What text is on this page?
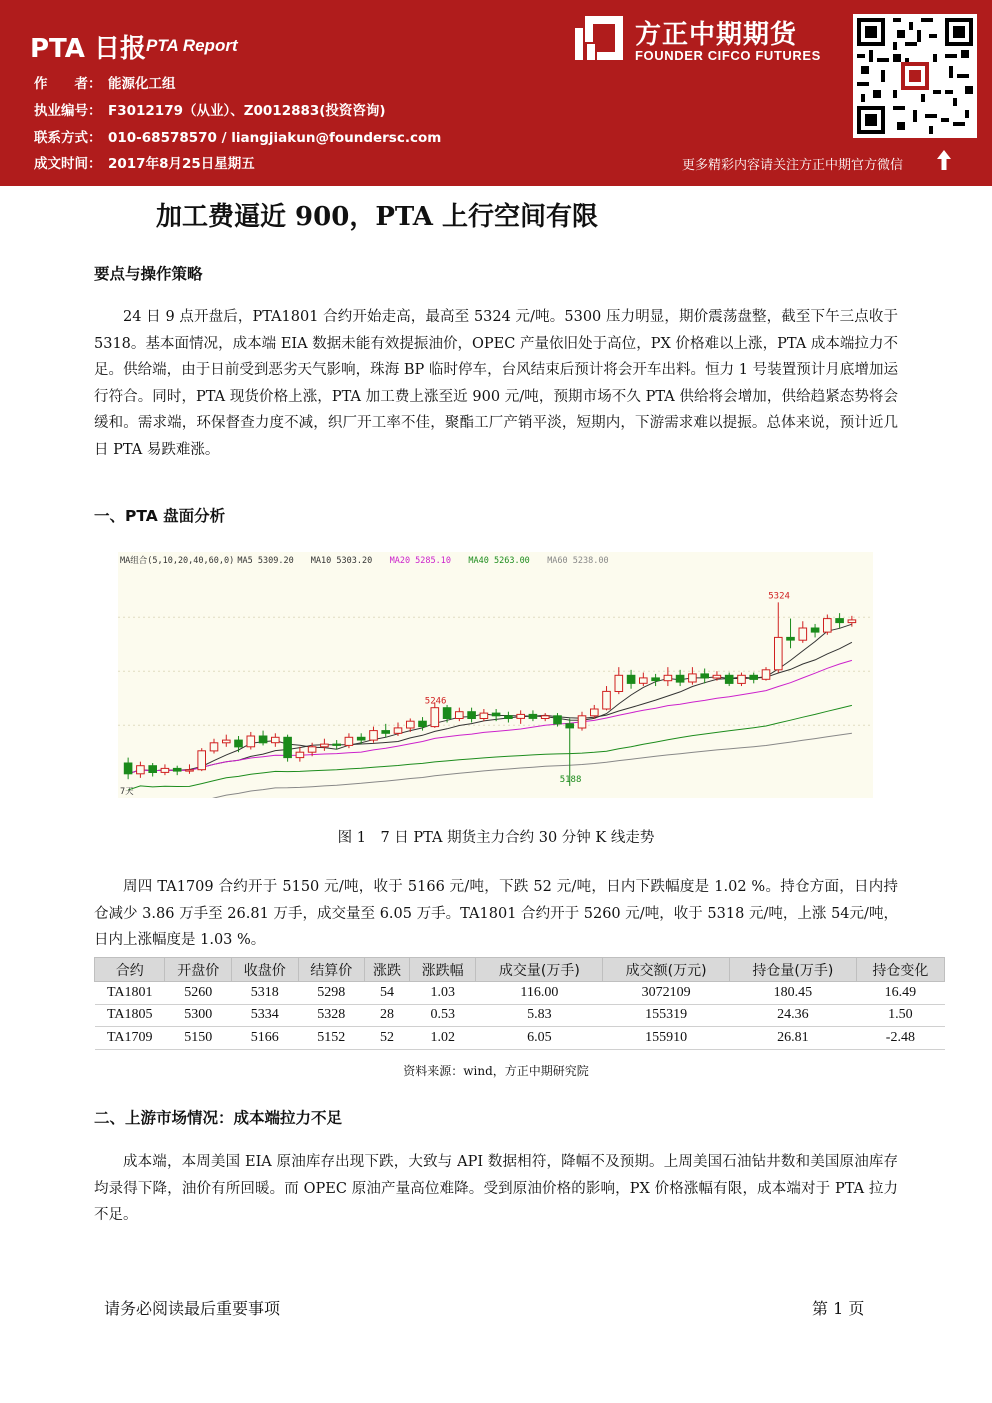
PTA 日报 PTA Report
作　　者： 能源化工组
执业编号： F3012179（从业）、Z0012883(投资咨询)
联系方式： 010-68578570 / liangjiakun@foundersc.com
成文时间： 2017年8月25日星期五
方正中期期货
FOUNDER CIFCO FUTURES
更多精彩内容请关注方正中期官方微信
加工费逼近 900，PTA 上行空间有限
要点与操作策略
24 日 9 点开盘后，PTA1801 合约开始走高，最高至 5324 元/吨。5300 压力明显，期价震荡盘整，截至下午三点收于 5318。基本面情况，成本端 EIA 数据未能有效提振油价，OPEC 产量依旧处于高位，PX 价格难以上涨，PTA 成本端拉力不足。供给端，由于日前受到恶劣天气影响，珠海 BP 临时停车，台风结束后预计将会开车出料。恒力 1 号装置预计月底增加运行符合。同时，PTA 现货价格上涨，PTA 加工费上涨至近 900 元/吨，预期市场不久 PTA 供给将会增加，供给趋紧态势将会缓和。需求端，环保督查力度不减，织厂开工率不佳，聚酯工厂产销平淡，短期内，下游需求难以提振。总体来说，预计近几日 PTA 易跌难涨。
一、PTA 盘面分析
5324
5246
5188
MA组合(5,10,20,40,60,0) MA5 5309.20 MA10 5303.20 MA20 5285.10 MA40 5263.00 MA60 5238.00
7天
图 1　7 日 PTA 期货主力合约 30 分钟 K 线走势
周四 TA1709 合约开于 5150 元/吨，收于 5166 元/吨，下跌 52 元/吨，日内下跌幅度是 1.02 %。持仓方面，日内持仓减少 3.86 万手至 26.81 万手，成交量至 6.05 万手。TA1801 合约开于 5260 元/吨，收于 5318 元/吨，上涨 54元/吨，日内上涨幅度是 1.03 %。
合约	开盘价	收盘价	结算价	涨跌	涨跌幅	成交量(万手)	成交额(万元)	持仓量(万手)	持仓变化
TA1801	5260	5318	5298	54	1.03	116.00	3072109	180.45	16.49
TA1805	5300	5334	5328	28	0.53	5.83	155319	24.36	1.50
TA1709	5150	5166	5152	52	1.02	6.05	155910	26.81	-2.48
资料来源：wind，方正中期研究院
二、上游市场情况：成本端拉力不足
成本端，本周美国 EIA 原油库存出现下跌，大致与 API 数据相符，降幅不及预期。上周美国石油钻井数和美国原油库存均录得下降，油价有所回暖。而 OPEC 原油产量高位难降。受到原油价格的影响，PX 价格涨幅有限，成本端对于 PTA 拉力不足。
请务必阅读最后重要事项	第 1 页
